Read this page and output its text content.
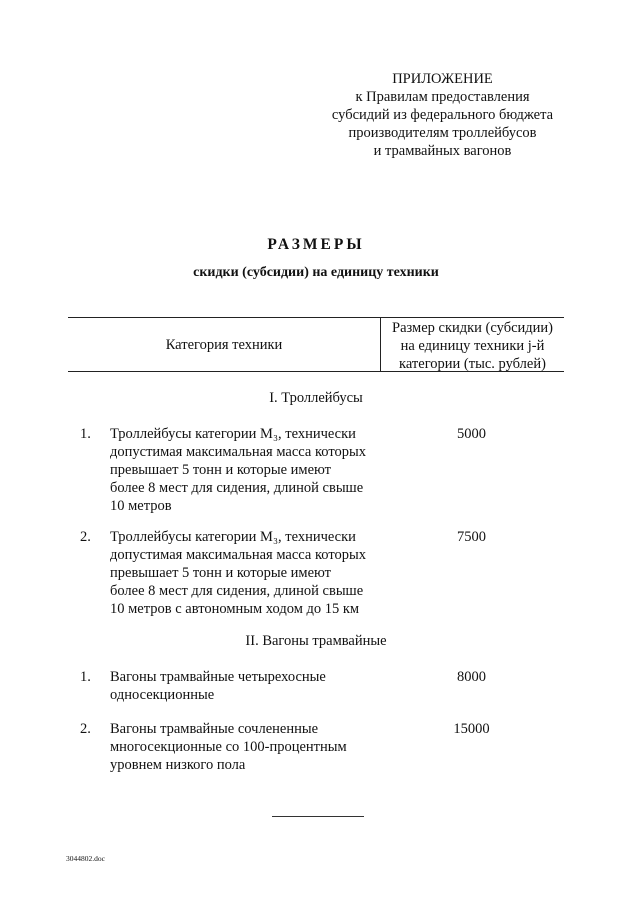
ПРИЛОЖЕНИЕ
к Правилам предоставления
субсидий из федерального бюджета
производителям троллейбусов
и трамвайных вагонов
РАЗМЕРЫ
скидки (субсидии) на единицу техники
Категория техники
Размер скидки (субсидии)
на единицу техники j-й
категории (тыс. рублей)
I. Троллейбусы
1. Троллейбусы категории М₃, технически
допустимая максимальная масса которых
превышает 5 тонн и которые имеют
более 8 мест для сидения, длиной свыше
10 метров
5000
2. Троллейбусы категории М₃, технически
допустимая максимальная масса которых
превышает 5 тонн и которые имеют
более 8 мест для сидения, длиной свыше
10 метров с автономным ходом до 15 км
7500
II. Вагоны трамвайные
1. Вагоны трамвайные четырехосные
односекционные
8000
2. Вагоны трамвайные сочлененные
многосекционные со 100-процентным
уровнем низкого пола
15000
3044802.doc
